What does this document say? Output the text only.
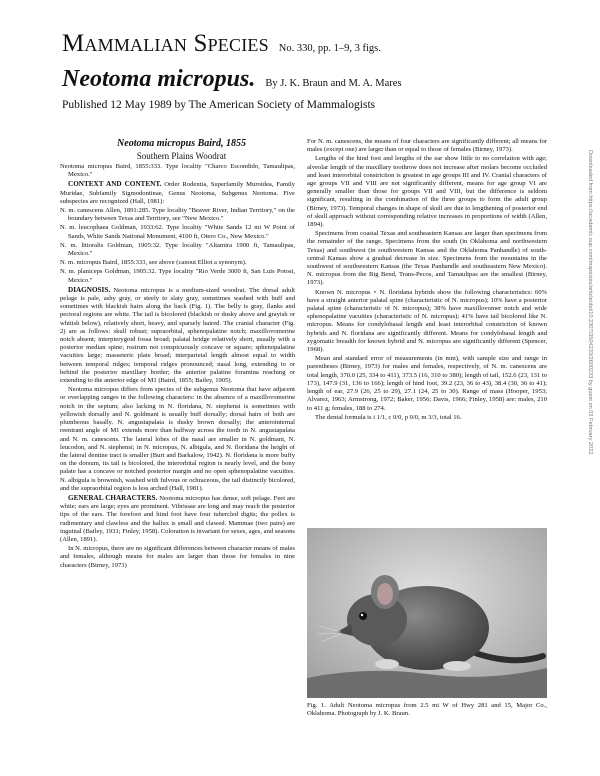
Mammalian Species No. 330, pp. 1–9, 3 figs.
Neotoma micropus. By J. K. Braun and M. A. Mares
Published 12 May 1989 by The American Society of Mammalogists

Neotoma micropus Baird, 1855

Southern Plains Woodrat

Neotoma micropus Baird, 1855:333. Type locality "Charco Escondido, Tamaulipas, Mexico."

CONTEXT AND CONTENT. Order Rodentia, Superfamily Muroidea, Family Muridae, Subfamily Sigmodontinae, Genus Neotoma, Subgenus Neotoma. Five subspecies are recognized (Hall, 1981):

N. m. canescens Allen, 1891:285. Type locality "Beaver River, Indian Territory," on the boundary between Texas and Territory, see "New Mexico."

N. m. leucophaea Goldman, 1933:62. Type locality "White Sands 12 mi W Point of Sands, White Sands National Monument, 4100 ft, Otero Co., New Mexico."

N. m. littoralis Goldman, 1905:32. Type locality "Altamira 1900 ft, Tamaulipas, Mexico."

N. m. micropus Baird, 1855:333, see above (canout Elliot a synonym).

N. m. planiceps Goldman, 1905:32. Type locality "Rio Verde 3000 ft, San Luis Potosi, Mexico."

DIAGNOSIS. Neotoma micropus is a medium-sized woodrat. The dorsal adult pelage is pale, ashy gray, or steely to slaty gray, sometimes washed with buff and sometimes with blackish hairs along the back (Fig. 1). The belly is gray, flanks and pectoral regions are white. The tail is bicolored (blackish or dusky above and grayish or whitish below), relatively short, heavy, and sparsely haired. The cranial character (Fig. 2) are as follows: skull robust; supraorbital, sphenopalatine notch; maxillovomerine notch absent; interpterygoid fossa broad; palatal bridge relatively short, usually with a posterior median spine; rostrum not conspicuously concave or square; sphenopalatine vacuities large; masseteric plate broad; interparietal length almost equal to width between temporal ridges; temporal ridges pronounced; nasal long, extending to or behind the posterior maxillary border; the anterior palatine foramina reaching or extending to the anterior edge of M1 (Baird, 1855; Bailey, 1905).

Neotoma micropus differs from species of the subgenus Neotoma that have adjacent or overlapping ranges in the following characters: in the absence of a maxillovomerine notch in the septum; also lacking in N. floridana, N. stephensi is sometimes with yellowish dorsally and N. goldmani is usually buff dorsally; dorsal hairs of both are plumbeous basally. N. angustapalata is dusky brown dorsally; the anterointernal reentrant angle of M1 extends more than halfway across the tooth in N. angustapalata and N. m. canescens. The lateral lobes of the nasal are smaller in N. goldmani, N. leucodon, and N. stephensi; in N. micropus, N. albigula, and N. floridana the height of the lateral dentine tract is smaller (Burt and Barkalow, 1942). N. floridana is more buffy on the dorsum, its tail is bicolored, the interorbital region is nearly level, and the bony palate has a concave or notched posterior margin and no open sphenopalatine vacuities. N. albigula is brownish, washed with fulvous or ochraceous, the tail distinctly bicolored, and the supraorbital region is less arched (Hall, 1981).

GENERAL CHARACTERS. Neotoma micropus has dense, soft pelage. Feet are white; ears are large; eyes are prominent. Vibrissae are long and may reach the posterior tips of the ears. The forefoot and hind foot have four tubercled digits; the pollex is rudimentary and clawless and the hallux is small and clawed. Mammae (two pairs) are inguinal (Bailey, 1931; Finley, 1958). Coloration is invariant for sexes, ages, and seasons (Allen, 1891).

In N. micropus, there are no significant differences between character means of males and females, although means for males are larger than those for females in nine characters (Birney, 1973)

For N. m. canescens, the means of four characters are significantly different; all means for males (except one) are larger than or equal to those of females (Birney, 1973).

Lengths of the hind foot and lengths of the ear show little to no correlation with age; alveolar length of the maxillary toothrow does not increase after molars become occluded and least interorbital constriction is greatest in age groups III and IV. Cranial characters of age groups VII and VIII are not significantly different, means for age group VI are generally smaller than those for groups VII and VIII, but the difference is seldom significant, resulting in the combination of the three groups to form the adult group (Birney, 1973). Temporal changes in shape of skull are due to lengthening of posterior end of skull approach without corresponding relative increases in proportions of width (Allen, 1894).

Specimens from coastal Texas and southeastern Kansas are larger than specimens from the remainder of the range. Specimens from the south (in Oklahoma and northwestern Texas) and southwest (in southwestern Kansas and the Oklahoma Panhandle) of south-central Kansas show a gradual decrease in size. Specimens from the mountains in the southwest of southwestern Kansas (the Texas Panhandle and southeastern New Mexico). N. micropus from the Big Bend, Trans-Pecos, and Tamaulipas are the smallest (Birney, 1973).

Known N. micropus × N. floridana hybrids show the following characteristics: 60% have a straight anterior palatal spine (characteristic of N. micropus); 10% have a posterior palatal spine (characteristic of N. micropus); 38% have maxillovomer notch and wide sphenopalatine vacuities (characteristic of N. micropus); 41% have tail bicolored like N. micropus. Means for condylobasal length and least interorbital constriction of known hybrids and N. floridana are significantly different. Means for condylobasal length and zygomatic breadth for known hybrid and N. micropus are significantly different (Spencer, 1968).

Mean and standard error of measurements (in mm), with sample size and range in parentheses (Birney, 1973) for males and females, respectively, of N. m. canescens are total length, 370.0 (25, 334 to 411), 373.5 (16, 310 to 380); length of tail, 152.6 (23, 131 to 173), 147.9 (31, 136 to 166); length of hind foot, 39.2 (23, 36 to 43), 38.4 (30, 36 to 41); length of ear, 27.9 (26, 25 to 29), 27.1 (24, 25 to 30). Range of mass (Hooper, 1953; Alvarez, 1963; Armstrong, 1972; Baker, 1956; Davis, 1966; Finley, 1958) are: males, 210 to 411 g; females, 188 to 274.

The dental formula is i 1/1, c 0/0, p 0/0, m 3/3, total 16.

Fig. 1. Adult Neotoma micropus from 2.5 mi W of Hwy 281 and 15, Major Co., Oklahoma. Photograph by J. K. Braun.
Downloaded from https://academic.oup.com/mspecies/article/doi/10.2307/3504233/2600233 by guest on 03 February 2022
